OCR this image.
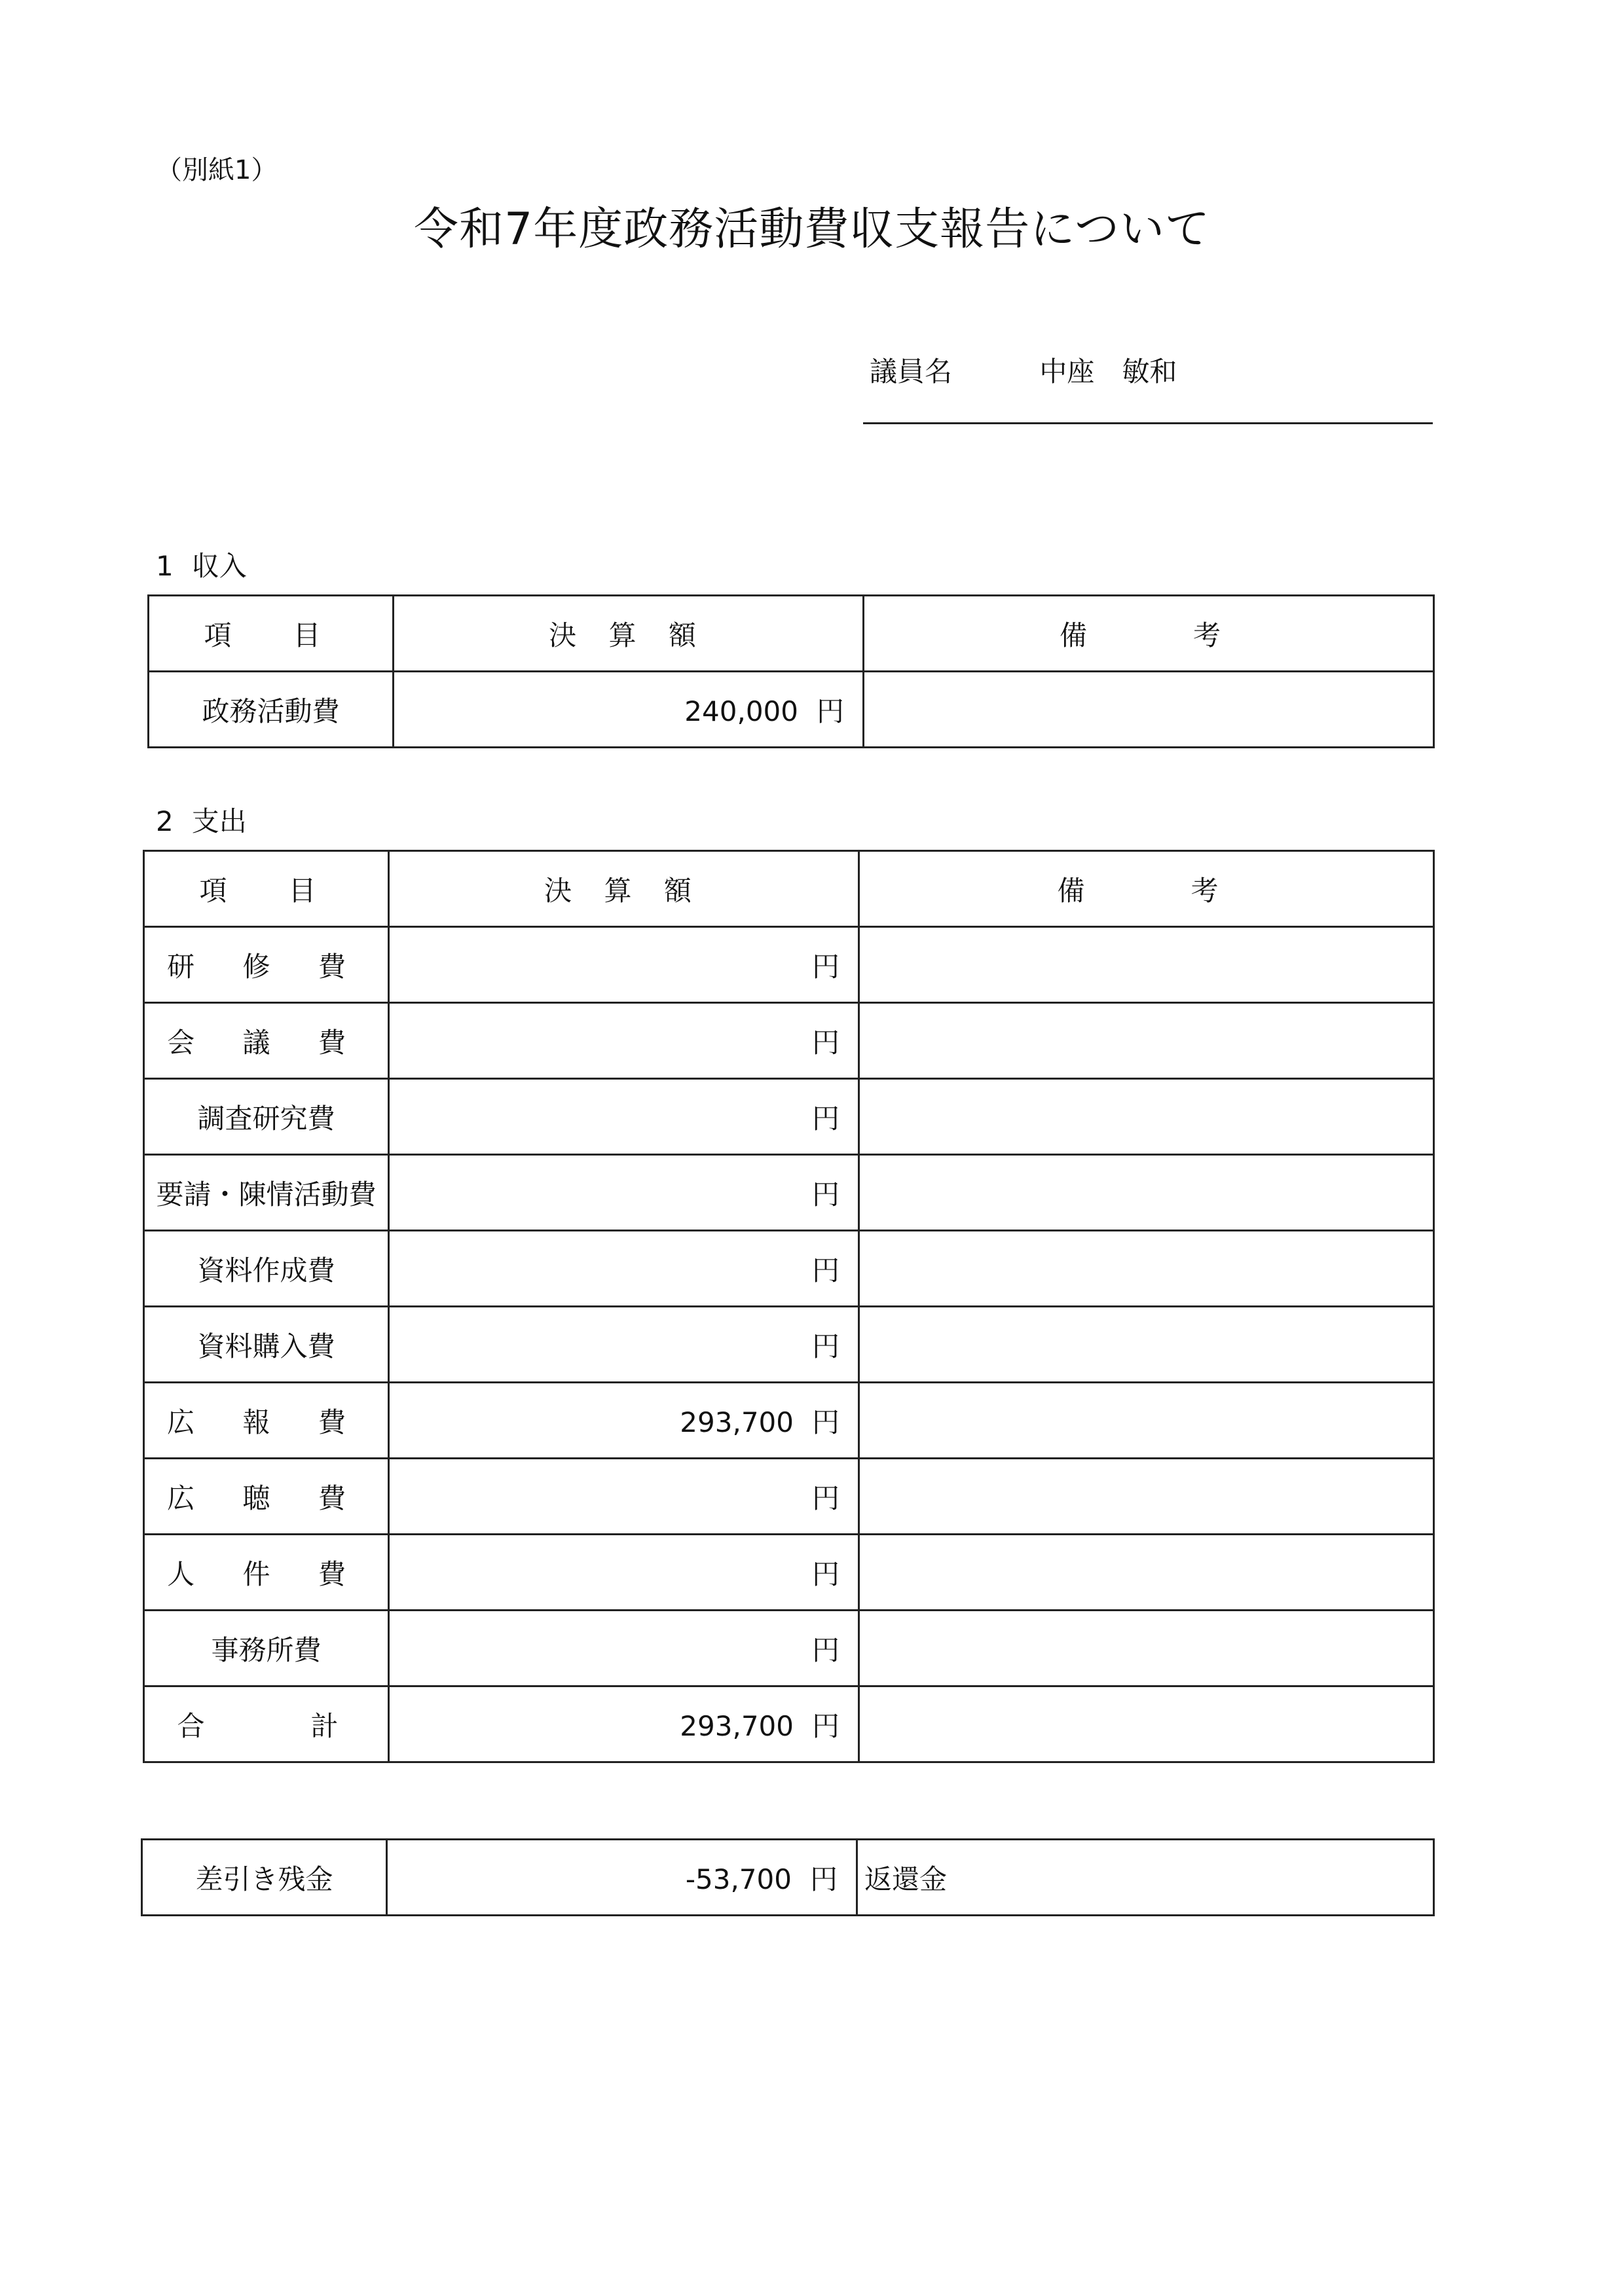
（別紙1）
令和7年度政務活動費収支報告について
議員名	中座　敏和
1 収入
項　目	決 算 額	備　　考
政務活動費	240,000 円	
2 支出
項　目	決 算 額	備　　考
研 修 費	円	
会 議 費	円	
調査研究費	円	
要請・陳情活動費	円	
資料作成費	円	
資料購入費	円	
広 報 費	293,700 円	
広 聴 費	円	
人 件 費	円	
事務所費	円	
合　　計	293,700 円	
差引き残金	-53,700 円	返還金
